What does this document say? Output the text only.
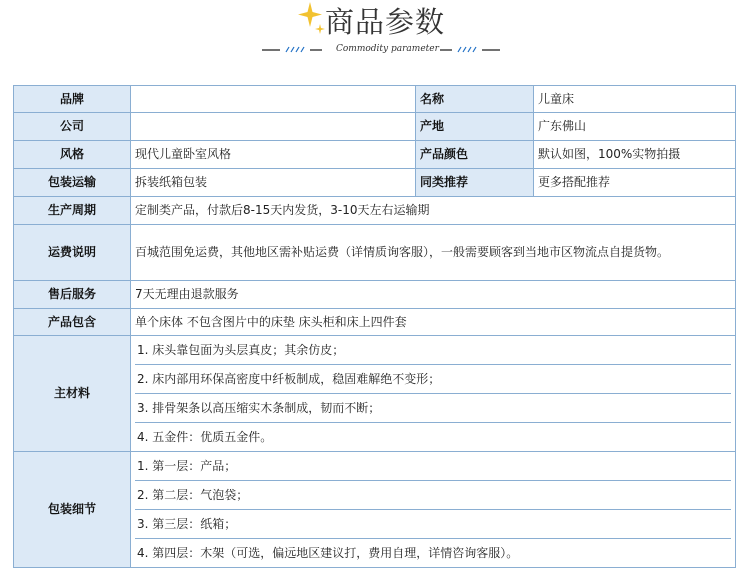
商品参数
Commodity parameter
品牌		名称	儿童床
公司		产地	广东佛山
风格	现代儿童卧室风格	产品颜色	默认如图，100%实物拍摄
包装运输	拆装纸箱包装	同类推荐	更多搭配推荐
生产周期	定制类产品，付款后8-15天内发货，3-10天左右运输期		
运费说明	百城范围免运费，其他地区需补贴运费（详情质询客服），一般需要顾客到当地市区物流点自提货物。		
售后服务	7天无理由退款服务		
产品包含	单个床体 不包含图片中的床垫 床头柜和床上四件套		
主材料	1. 床头靠包面为头层真皮；其余仿皮；
2. 床内部用环保高密度中纤板制成，稳固难解绝不变形；
3. 排骨架条以高压缩实木条制成，韧而不断；
4. 五金件：优质五金件。		

包装细节	1. 第一层：产品；
2. 第二层：气泡袋；
3. 第三层：纸箱；
4. 第四层：木架（可选，偏远地区建议打，费用自理，详情咨询客服）。		
